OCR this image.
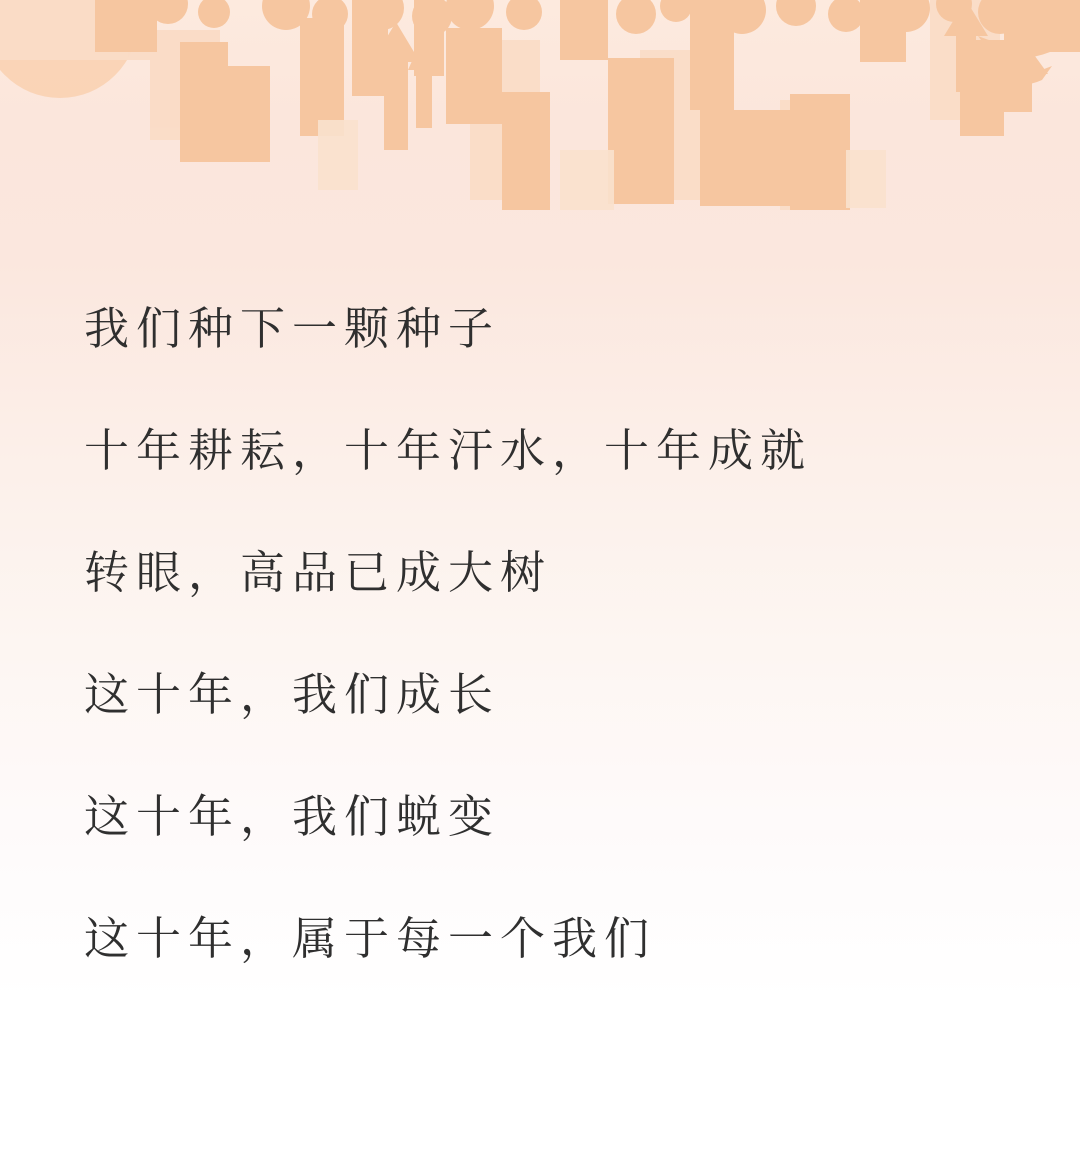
我们种下一颗种子
十年耕耘，十年汗水，十年成就
转眼，高品已成大树
这十年，我们成长
这十年，我们蜕变
这十年，属于每一个我们
